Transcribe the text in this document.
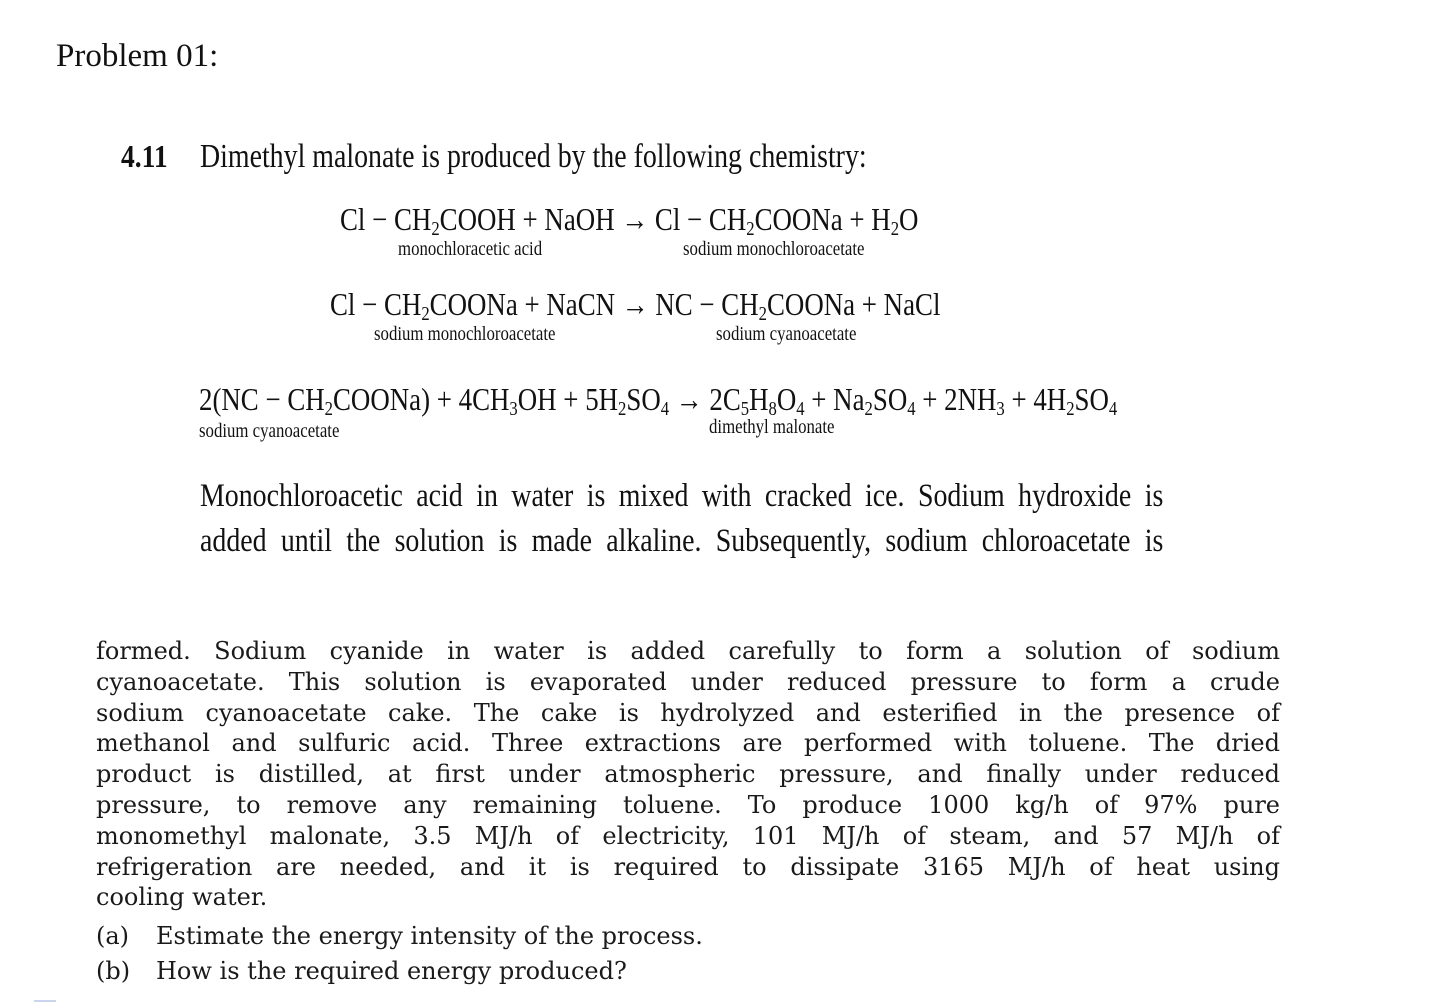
Problem 01:
4.11 Dimethyl malonate is produced by the following chemistry:
$Cl - CH_2COOH$ + NaOH → $Cl - CH_2COONa + H_2O$
monochloracetic acid	sodium monochloroacetate
$Cl - CH_2COONa$ + NaCN → NC − $CH_2COONa$ + NaCl
sodium monochloroacetate	sodium cyanoacetate
$2(NC - CH_2COONa) + 4CH_3OH + 5H_2SO_4 \to 2C_5H_8O_4 + Na_2SO_4 + 2NH_3 + 4H_2SO_4$
sodium cyanoacetate	dimethyl malonate

Monochloroacetic acid in water is mixed with cracked ice. Sodium hydroxide is

added until the solution is made alkaline. Subsequently, sodium chloroacetate is

formed. Sodium cyanide in water is added carefully to form a solution of sodium

cyanoacetate. This solution is evaporated under reduced pressure to form a crude

sodium cyanoacetate cake. The cake is hydrolyzed and esterified in the presence of

methanol and sulfuric acid. Three extractions are performed with toluene. The dried

product is distilled, at first under atmospheric pressure, and finally under reduced

pressure, to remove any remaining toluene. To produce 1000 kg/h of 97% pure

monomethyl malonate, 3.5 MJ/h of electricity, 101 MJ/h of steam, and 57 MJ/h of

refrigeration are needed, and it is required to dissipate 3165 MJ/h of heat using

cooling water.

(a) Estimate the energy intensity of the process.
(b) How is the required energy produced?
